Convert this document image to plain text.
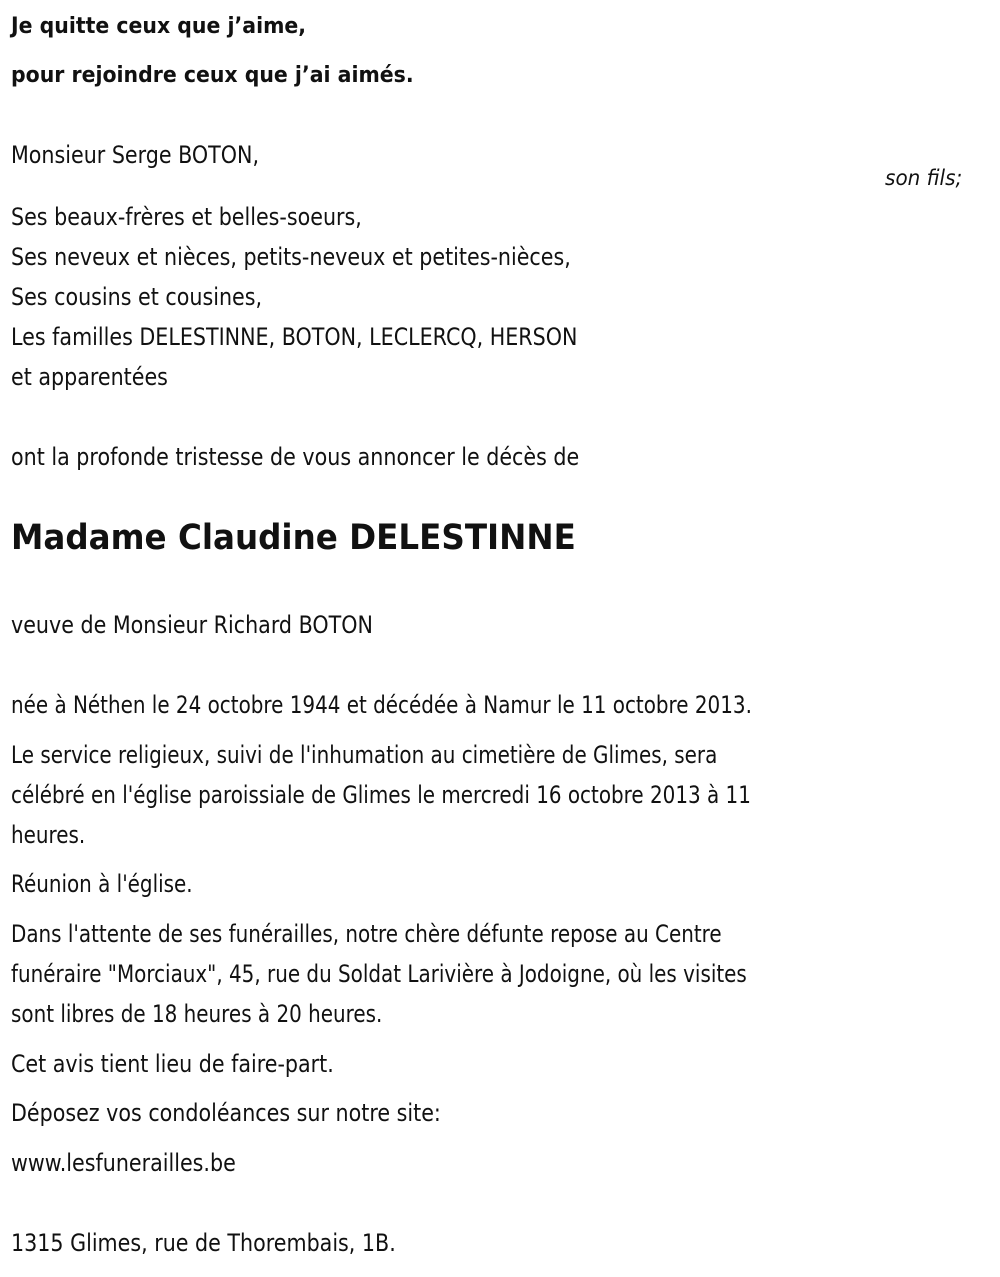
Je quitte ceux que j’aime,
pour rejoindre ceux que j’ai aimés.
Monsieur Serge BOTON,
son fils;
Ses beaux-frères et belles-soeurs,
Ses neveux et nièces, petits-neveux et petites-nièces,
Ses cousins et cousines,
Les familles DELESTINNE, BOTON, LECLERCQ, HERSON
et apparentées
ont la profonde tristesse de vous annoncer le décès de
Madame Claudine DELESTINNE
veuve de Monsieur Richard BOTON
née à Néthen le 24 octobre 1944 et décédée à Namur le 11 octobre 2013.
Le service religieux, suivi de l'inhumation au cimetière de Glimes, sera
célébré en l'église paroissiale de Glimes le mercredi 16 octobre 2013 à 11
heures.
Réunion à l'église.
Dans l'attente de ses funérailles, notre chère défunte repose au Centre
funéraire "Morciaux", 45, rue du Soldat Larivière à Jodoigne, où les visites
sont libres de 18 heures à 20 heures.
Cet avis tient lieu de faire-part.
Déposez vos condoléances sur notre site:
www.lesfunerailles.be
1315 Glimes, rue de Thorembais, 1B.
